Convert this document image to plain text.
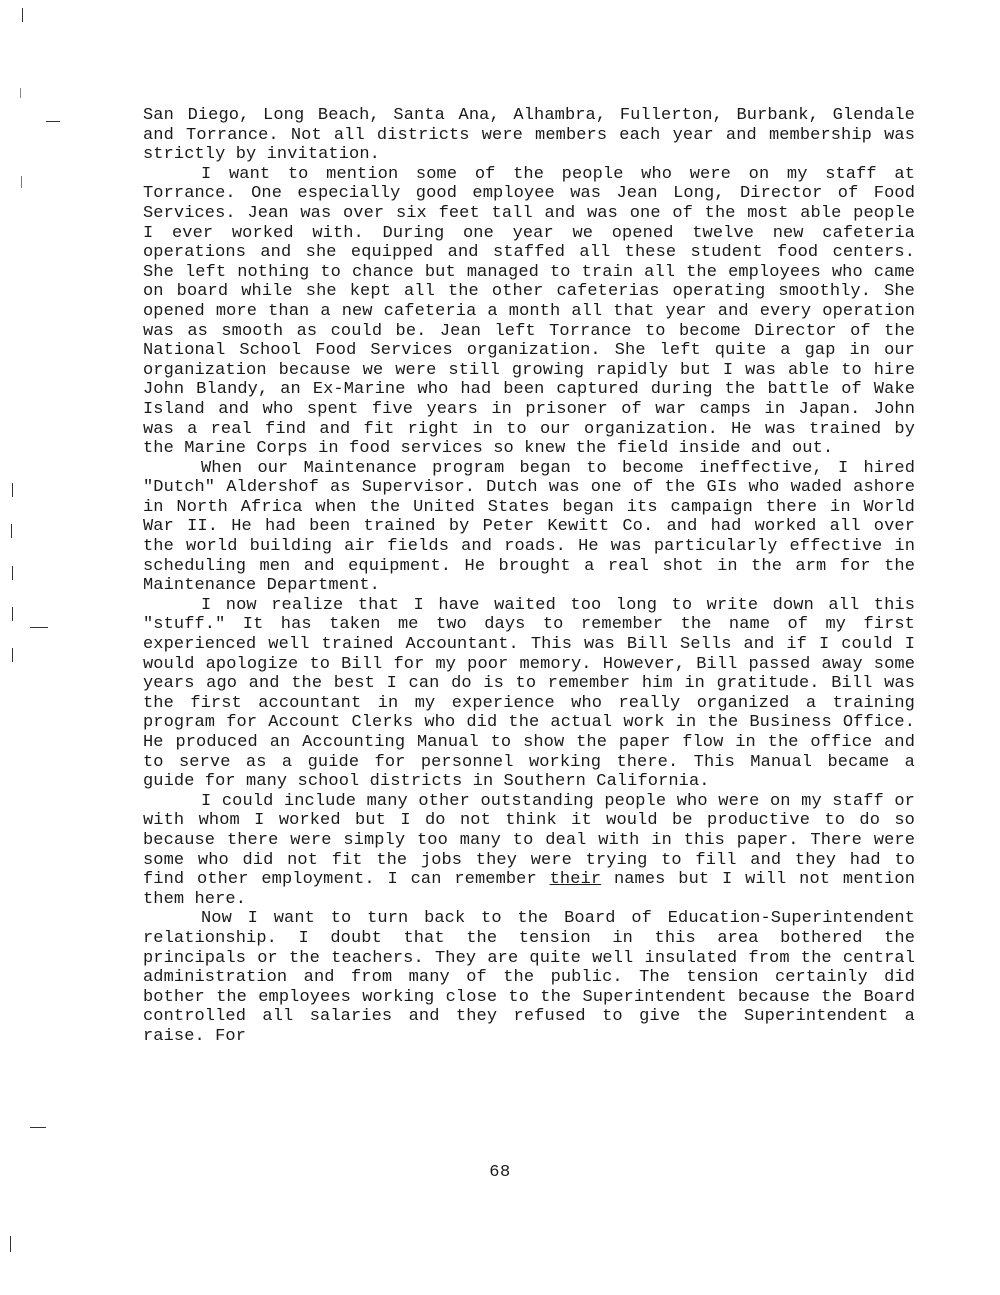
San Diego, Long Beach, Santa Ana, Alhambra, Fullerton, Burbank, Glendale and Torrance. Not all districts were members each year and membership was strictly by invitation.

I want to mention some of the people who were on my staff at Torrance. One especially good employee was Jean Long, Director of Food Services. Jean was over six feet tall and was one of the most able people I ever worked with. During one year we opened twelve new cafeteria operations and she equipped and staffed all these student food centers. She left nothing to chance but managed to train all the employees who came on board while she kept all the other cafeterias operating smoothly. She opened more than a new cafeteria a month all that year and every operation was as smooth as could be. Jean left Torrance to become Director of the National School Food Services organization. She left quite a gap in our organization because we were still growing rapidly but I was able to hire John Blandy, an Ex-Marine who had been captured during the battle of Wake Island and who spent five years in prisoner of war camps in Japan. John was a real find and fit right in to our organization. He was trained by the Marine Corps in food services so knew the field inside and out.

When our Maintenance program began to become ineffective, I hired "Dutch" Aldershof as Supervisor. Dutch was one of the GIs who waded ashore in North Africa when the United States began its campaign there in World War II. He had been trained by Peter Kewitt Co. and had worked all over the world building air fields and roads. He was particularly effective in scheduling men and equipment. He brought a real shot in the arm for the Maintenance Department.

I now realize that I have waited too long to write down all this "stuff." It has taken me two days to remember the name of my first experienced well trained Accountant. This was Bill Sells and if I could I would apologize to Bill for my poor memory. However, Bill passed away some years ago and the best I can do is to remember him in gratitude. Bill was the first accountant in my experience who really organized a training program for Account Clerks who did the actual work in the Business Office. He produced an Accounting Manual to show the paper flow in the office and to serve as a guide for personnel working there. This Manual became a guide for many school districts in Southern California.

I could include many other outstanding people who were on my staff or with whom I worked but I do not think it would be productive to do so because there were simply too many to deal with in this paper. There were some who did not fit the jobs they were trying to fill and they had to find other employment. I can remember their names but I will not mention them here.

Now I want to turn back to the Board of Education-Superintendent relationship. I doubt that the tension in this area bothered the principals or the teachers. They are quite well insulated from the central administration and from many of the public. The tension certainly did bother the employees working close to the Superintendent because the Board controlled all salaries and they refused to give the Superintendent a raise. For

68
